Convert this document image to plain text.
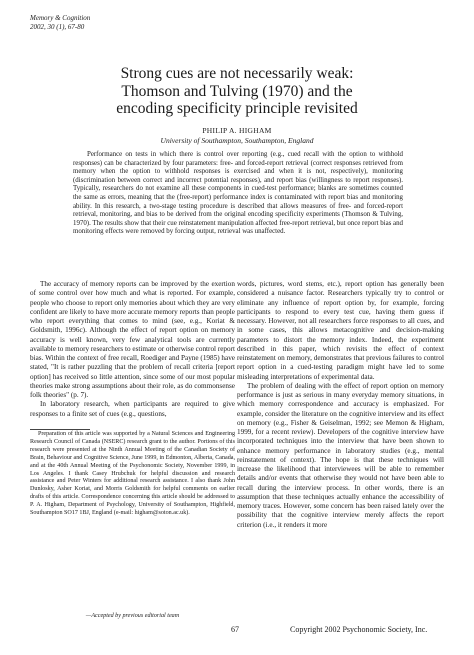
Memory & Cognition
2002, 30 (1), 67-80
Strong cues are not necessarily weak:
Thomson and Tulving (1970) and the
encoding specificity principle revisited
PHILIP A. HIGHAM
University of Southampton, Southampton, England

Performance on tests in which there is control over reporting (e.g., cued recall with the option to withhold responses) can be characterized by four parameters: free- and forced-report retrieval (correct responses retrieved from memory when the option to withhold responses is exercised and when it is not, respectively), monitoring (discrimination between correct and incorrect potential responses), and report bias (willingness to report responses). Typically, researchers do not examine all these components in cued-test performance; blanks are sometimes counted the same as errors, meaning that the (free-report) performance index is contaminated with report bias and monitoring ability. In this research, a two-stage testing procedure is described that allows measures of free- and forced-report retrieval, monitoring, and bias to be derived from the original encoding specificity experiments (Thomson & Tulving, 1970). The results show that their cue reinstatement manipulation affected free-report retrieval, but once report bias and monitoring effects were removed by forcing output, retrieval was unaffected.

The accuracy of memory reports can be improved by the exertion of some control over how much and what is reported. For example, people who choose to report only memories about which they are very confident are likely to have more accurate memory reports than people who report everything that comes to mind (see, e.g., Koriat & Goldsmith, 1996c). Although the effect of report option on memory accuracy is well known, very few analytical tools are currently available to memory researchers to estimate or otherwise control report bias. Within the context of free recall, Roediger and Payne (1985) have stated, "It is rather puzzling that the problem of recall criteria [report option] has received so little attention, since some of our most popular theories make strong assumptions about their role, as do commonsense folk theories" (p. 7).

In laboratory research, when participants are required to give responses to a finite set of cues (e.g., questions,

words, pictures, word stems, etc.), report option has generally been considered a nuisance factor. Researchers typically try to control or eliminate any influence of report option by, for example, forcing participants to respond to every test cue, having them guess if necessary. However, not all researchers force responses to all cues, and in some cases, this allows metacognitive and decision-making parameters to distort the memory index. Indeed, the experiment described in this paper, which revisits the effect of context reinstatement on memory, demonstrates that previous failures to control report option in a cued-testing paradigm might have led to some misleading interpretations of experimental data.

The problem of dealing with the effect of report option on memory performance is just as serious in many everyday memory situations, in which memory correspondence and accuracy is emphasized. For example, consider the literature on the cognitive interview and its effect on memory (e.g., Fisher & Geiselman, 1992; see Memon & Higham, 1999, for a recent review). Developers of the cognitive interview have incorporated techniques into the interview that have been shown to enhance memory performance in laboratory studies (e.g., mental reinstatement of context). The hope is that these techniques will increase the likelihood that interviewees will be able to remember details and/or events that otherwise they would not have been able to recall during the interview process. In other words, there is an assumption that these techniques actually enhance the accessibility of memory traces. However, some concern has been raised lately over the possibility that the cognitive interview merely affects the report criterion (i.e., it renders it more

Preparation of this article was supported by a Natural Sciences and Engineering Research Council of Canada (NSERC) research grant to the author. Portions of this research were presented at the Ninth Annual Meeting of the Canadian Society of Brain, Behaviour and Cognitive Science, June 1999, in Edmonton, Alberta, Canada, and at the 40th Annual Meeting of the Psychonomic Society, November 1999, in Los Angeles. I thank Casey Hrubchuk for helpful discussion and research assistance and Peter Winters for additional research assistance. I also thank John Dunlosky, Asher Koriat, and Morris Goldsmith for helpful comments on earlier drafts of this article. Correspondence concerning this article should be addressed to P. A. Higham, Department of Psychology, University of Southampton, Highfield, Southampton SO17 1BJ, England (e-mail: higham@soton.ac.uk).

—Accepted by previous editorial team
67	Copyright 2002 Psychonomic Society, Inc.
